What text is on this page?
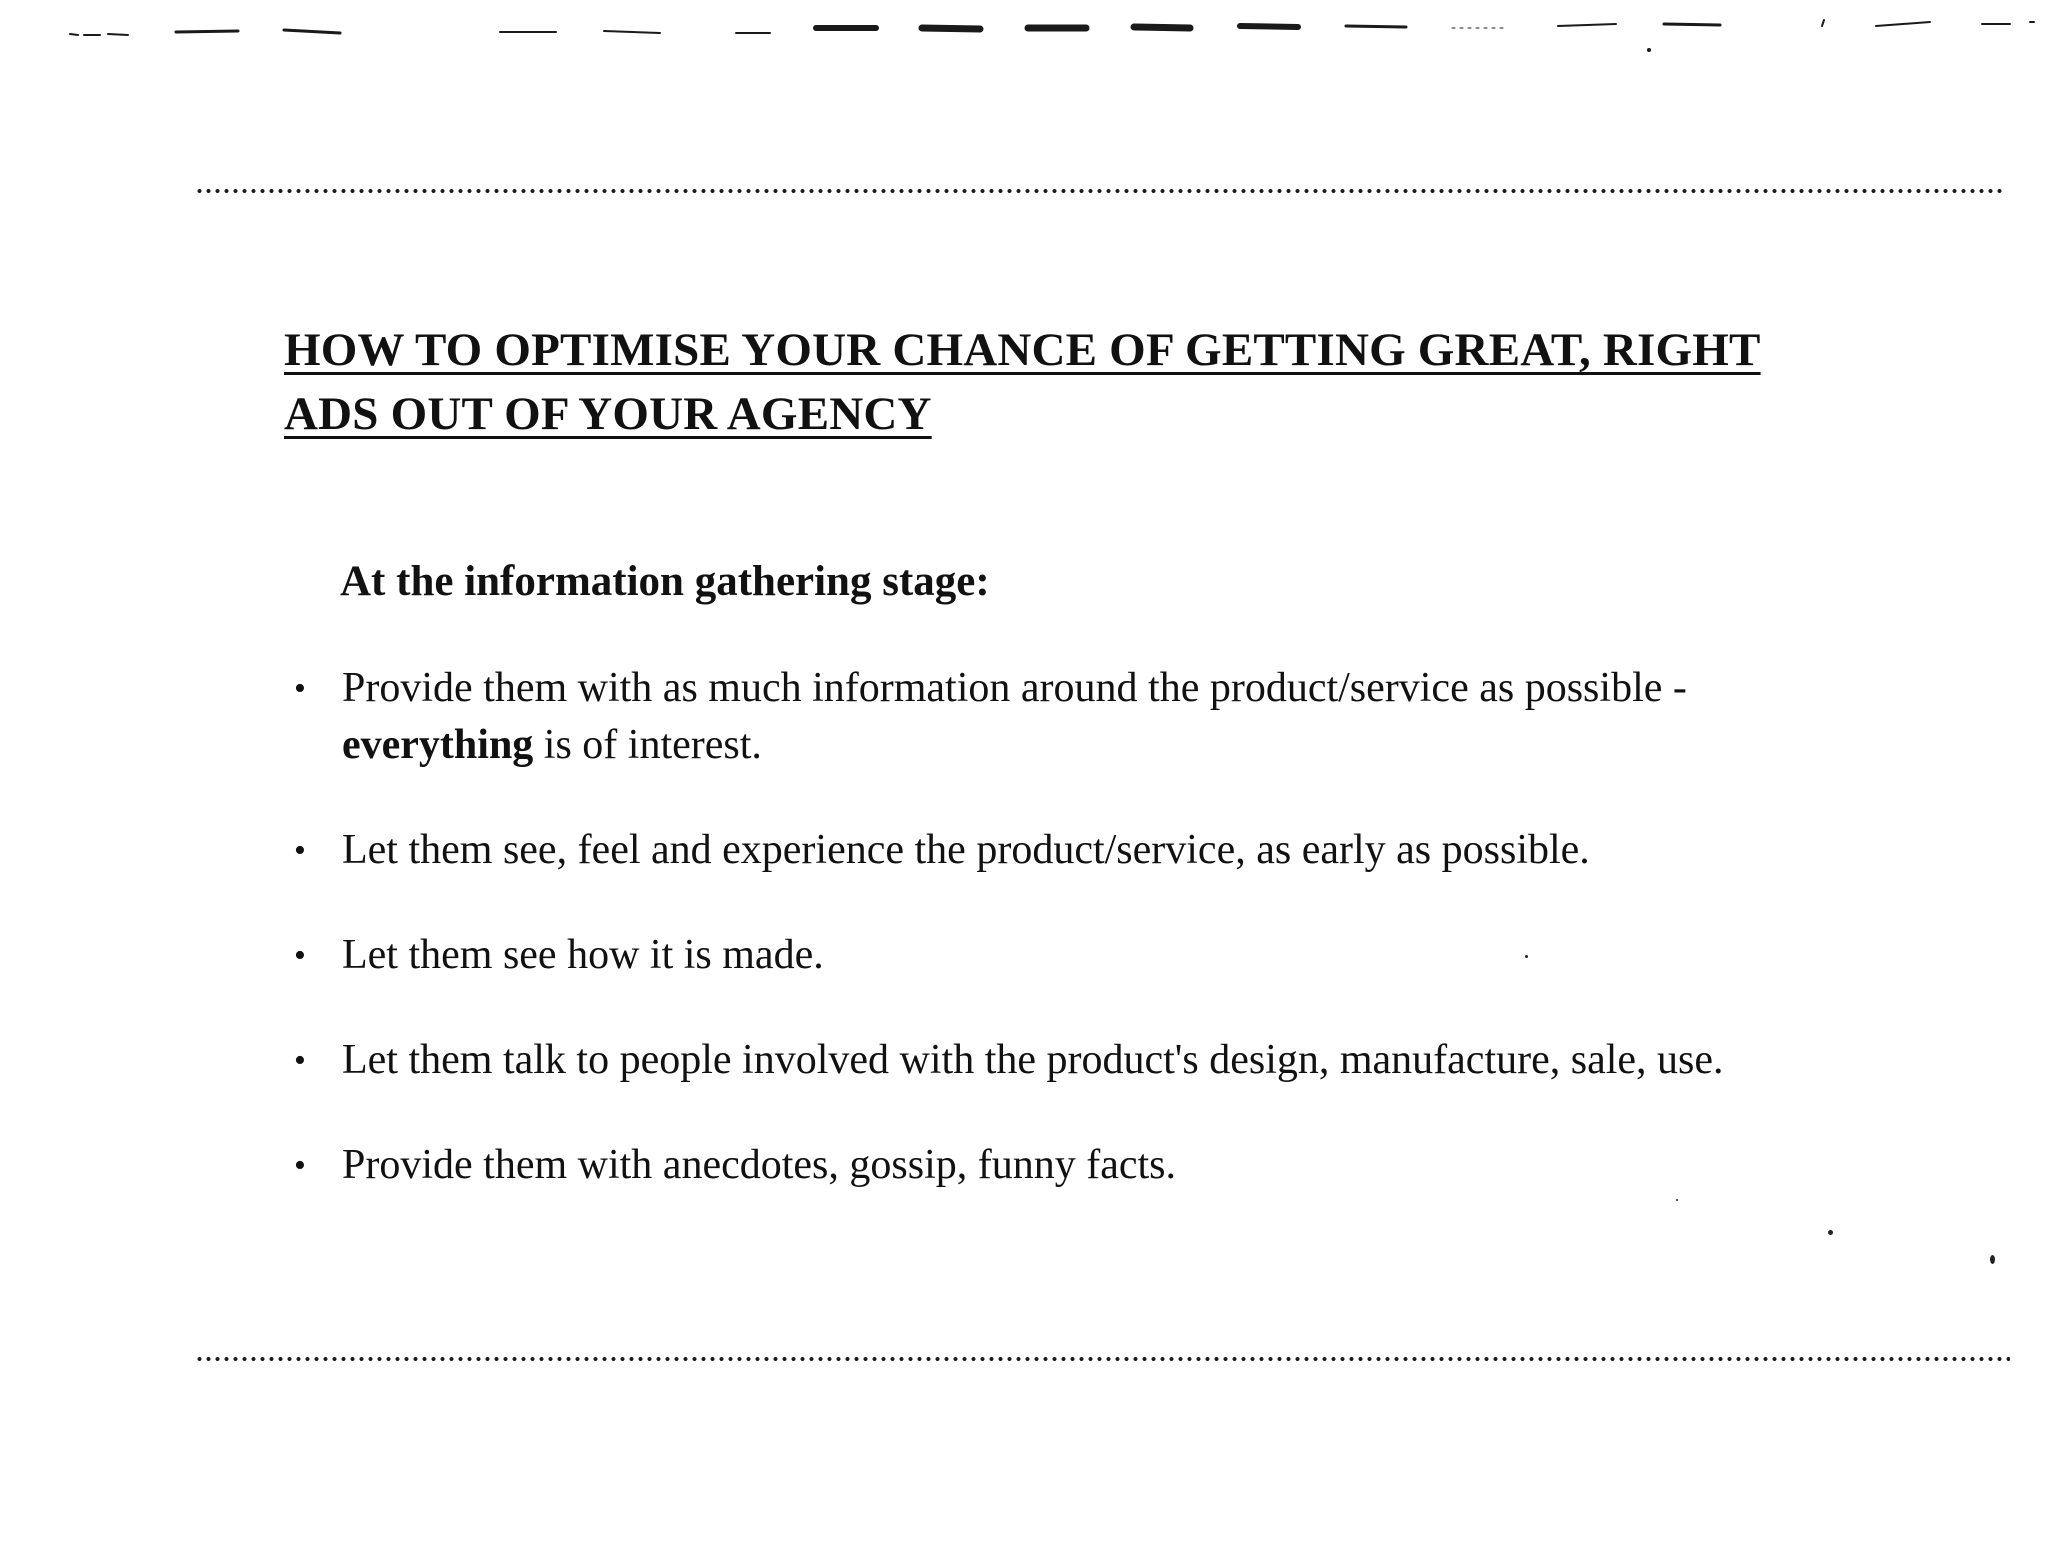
HOW TO OPTIMISE YOUR CHANCE OF GETTING GREAT, RIGHT
ADS OUT OF YOUR AGENCY
At the information gathering stage:
• Provide them with as much information around the product/service as possible -
everything is of interest.
• Let them see, feel and experience the product/service, as early as possible.
• Let them see how it is made.
• Let them talk to people involved with the product's design, manufacture, sale, use.
• Provide them with anecdotes, gossip, funny facts.
